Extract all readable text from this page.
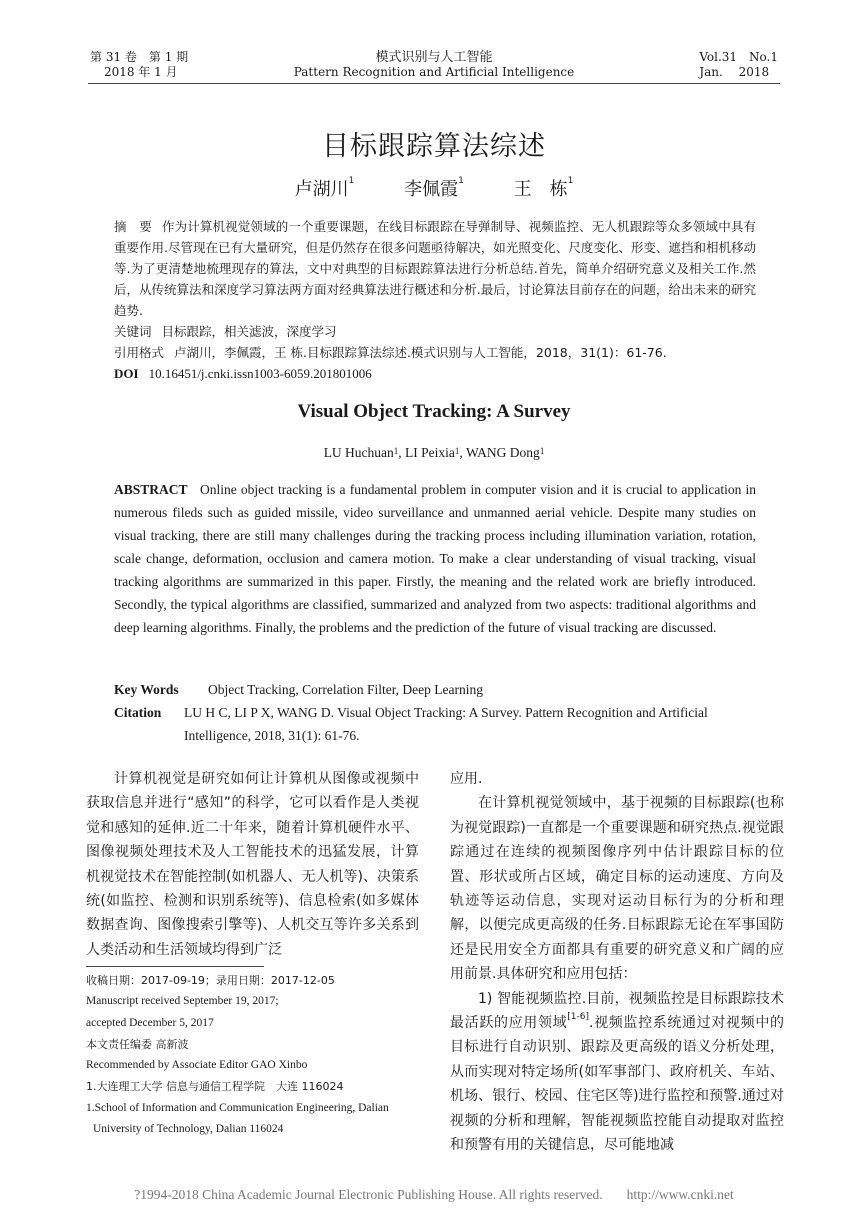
第 31 卷　第 1 期
2018 年 1 月
模式识别与人工智能
Pattern Recognition and Artificial Intelligence
Vol.31　No.1
Jan.　 2018
目标跟踪算法综述
卢湖川$^1$	李佩霞$^1$	王　栋$^1$

摘　要 作为计算机视觉领域的一个重要课题，在线目标跟踪在导弹制导、视频监控、无人机跟踪等众多领域中具有重要作用.尽管现在已有大量研究，但是仍然存在很多问题亟待解决，如光照变化、尺度变化、形变、遮挡和相机移动等.为了更清楚地梳理现存的算法，文中对典型的目标跟踪算法进行分析总结.首先，简单介绍研究意义及相关工作.然后，从传统算法和深度学习算法两方面对经典算法进行概述和分析.最后，讨论算法目前存在的问题，给出未来的研究趋势.

关键词 目标跟踪，相关滤波，深度学习

引用格式 卢湖川，李佩霞，王 栋.目标跟踪算法综述.模式识别与人工智能，2018，31(1)：61-76.

DOI 10.16451/j.cnki.issn1003-6059.201801006

Visual Object Tracking: A Survey
LU Huchuan$^1$, LI Peixia$^1$, WANG Dong$^1$

ABSTRACT Online object tracking is a fundamental problem in computer vision and it is crucial to application in numerous fileds such as guided missile, video surveillance and unmanned aerial vehicle. Despite many studies on visual tracking, there are still many challenges during the tracking process including illumination variation, rotation, scale change, deformation, occlusion and camera motion. To make a clear understanding of visual tracking, visual tracking algorithms are summarized in this paper. Firstly, the meaning and the related work are briefly introduced. Secondly, the typical algorithms are classified, summarized and analyzed from two aspects: traditional algorithms and deep learning algorithms. Finally, the problems and the prediction of the future of visual tracking are discussed.

Key Words Object Tracking, Correlation Filter, Deep Learning
Citation	LU H C, LI P X, WANG D. Visual Object Tracking: A Survey. Pattern Recognition and Artificial Intelligence, 2018, 31(1): 61-76.

计算机视觉是研究如何让计算机从图像或视频中获取信息并进行“感知”的科学，它可以看作是人类视觉和感知的延伸.近二十年来，随着计算机硬件水平、图像视频处理技术及人工智能技术的迅猛发展，计算机视觉技术在智能控制(如机器人、无人机等)、决策系统(如监控、检测和识别系统等)、信息检索(如多媒体数据查询、图像搜索引擎等)、人机交互等许多关系到人类活动和生活领域均得到广泛

收稿日期：2017-09-19；录用日期：2017-12-05
Manuscript received September 19, 2017;
accepted December 5, 2017
本文责任编委 高新波
Recommended by Associate Editor GAO Xinbo
1.大连理工大学 信息与通信工程学院　大连 116024
1.School of Information and Communication Engineering, Dalian
University of Technology, Dalian 116024

应用.

在计算机视觉领域中，基于视频的目标跟踪(也称为视觉跟踪)一直都是一个重要课题和研究热点.视觉跟踪通过在连续的视频图像序列中估计跟踪目标的位置、形状或所占区域，确定目标的运动速度、方向及轨迹等运动信息，实现对运动目标行为的分析和理解，以便完成更高级的任务.目标跟踪无论在军事国防还是民用安全方面都具有重要的研究意义和广阔的应用前景.具体研究和应用包括：

1) 智能视频监控.目前，视频监控是目标跟踪技术最活跃的应用领域[1-6].视频监控系统通过对视频中的目标进行自动识别、跟踪及更高级的语义分析处理，从而实现对特定场所(如军事部门、政府机关、车站、机场、银行、校园、住宅区等)进行监控和预警.通过对视频的分析和理解，智能视频监控能自动提取对监控和预警有用的关键信息，尽可能地减

?1994-2018 China Academic Journal Electronic Publishing House. All rights reserved. http://www.cnki.net
